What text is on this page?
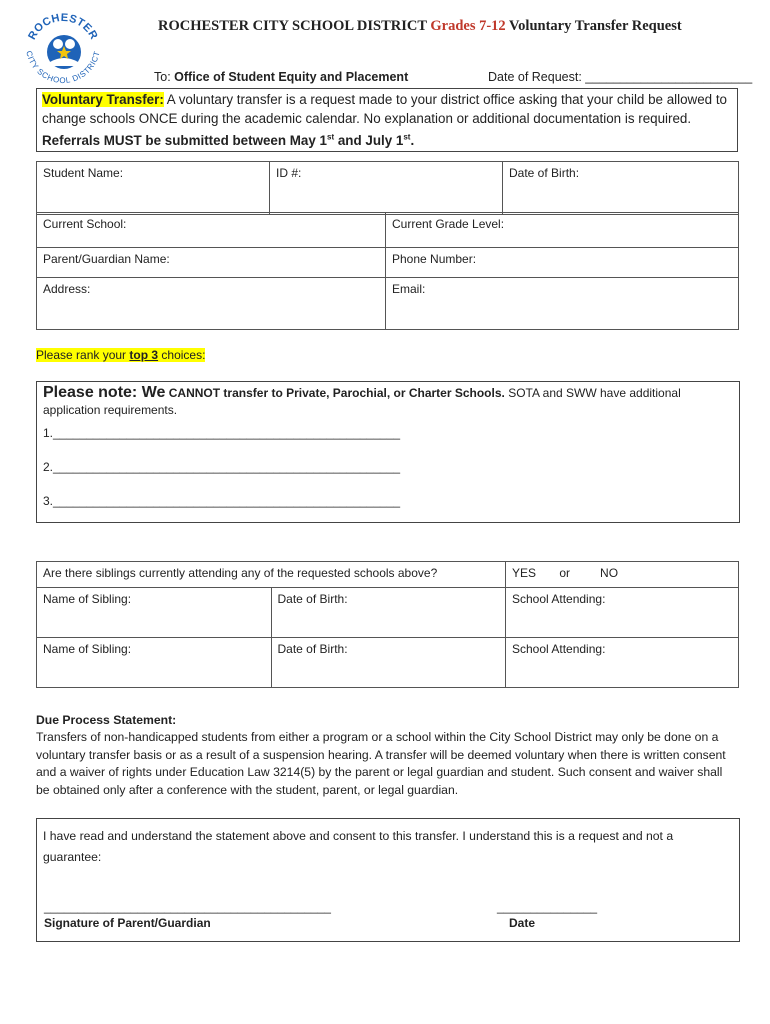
ROCHESTER
CITY SCHOOL DISTRICT
ROCHESTER CITY SCHOOL DISTRICT Grades 7-12 Voluntary Transfer Request
To: Office of Student Equity and Placement	Date of Request: ________________________
Voluntary Transfer: A voluntary transfer is a request made to your district office asking that your child be allowed to change schools ONCE during the academic calendar. No explanation or additional documentation is required. Referrals MUST be submitted between May 1st and July 1st.
Student Name:	ID #:	Date of Birth:
Current School:	Current Grade Level:
Parent/Guardian Name:	Phone Number:
Address:	Email:
Please rank your top 3 choices:
Please note: We CANNOT transfer to Private, Parochial, or Charter Schools. SOTA and SWW have additional application requirements.
1.____________________________________________________
2.____________________________________________________
3.____________________________________________________
Are there siblings currently attending any of the requested schools above?		YES or NO
Name of Sibling:	Date of Birth:	School Attending:
Name of Sibling:	Date of Birth:	School Attending:
Due Process Statement:
Transfers of non-handicapped students from either a program or a school within the City School District may only be done on a voluntary transfer basis or as a result of a suspension hearing. A transfer will be deemed voluntary when there is written consent and a waiver of rights under Education Law 3214(5) by the parent or legal guardian and student. Such consent and waiver shall be obtained only after a conference with the student, parent, or legal guardian.
I have read and understand the statement above and consent to this transfer. I understand this is a request and not a guarantee:
___________________________________________
Signature of Parent/Guardian
_______________
Date
